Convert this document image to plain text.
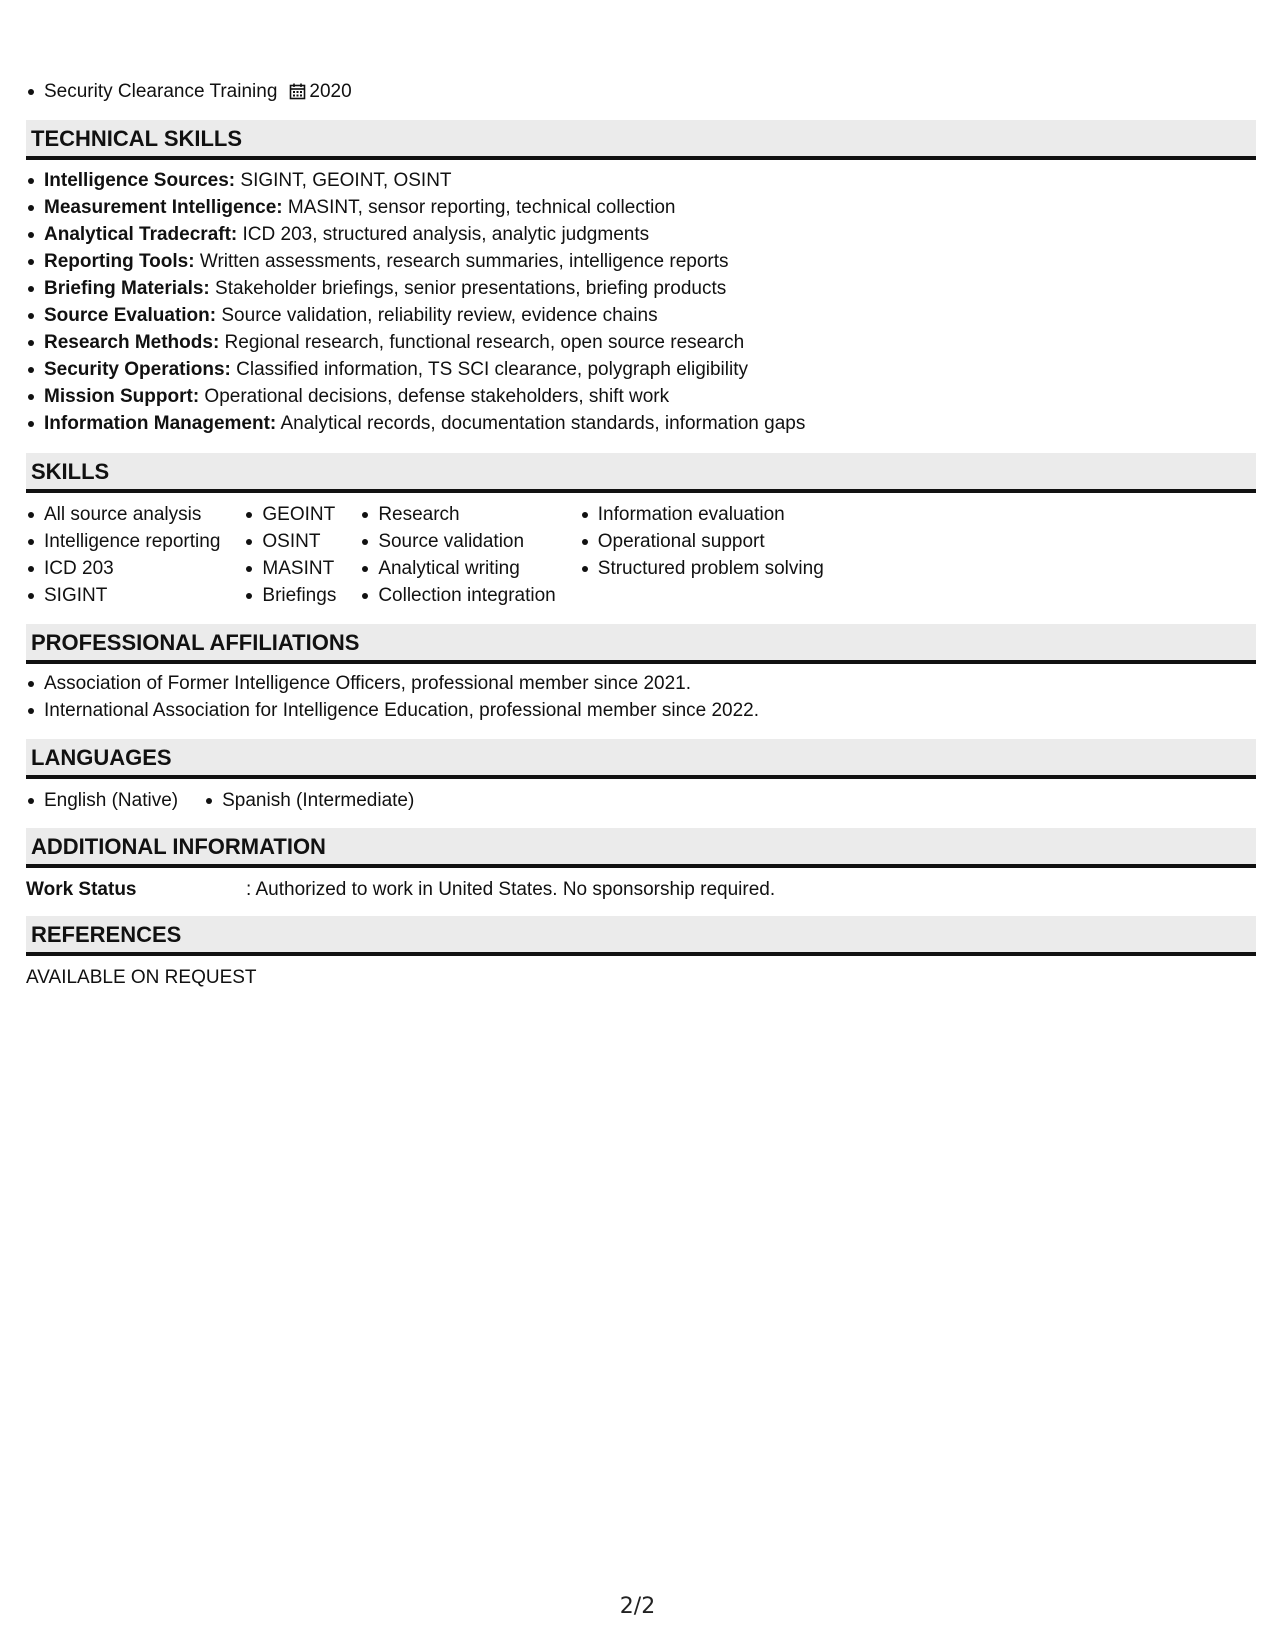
Security Clearance Training 2020
TECHNICAL SKILLS
Intelligence Sources: SIGINT, GEOINT, OSINT
Measurement Intelligence: MASINT, sensor reporting, technical collection
Analytical Tradecraft: ICD 203, structured analysis, analytic judgments
Reporting Tools: Written assessments, research summaries, intelligence reports
Briefing Materials: Stakeholder briefings, senior presentations, briefing products
Source Evaluation: Source validation, reliability review, evidence chains
Research Methods: Regional research, functional research, open source research
Security Operations: Classified information, TS SCI clearance, polygraph eligibility
Mission Support: Operational decisions, defense stakeholders, shift work
Information Management: Analytical records, documentation standards, information gaps
SKILLS
All source analysis
Intelligence reporting
ICD 203
SIGINT
GEOINT
OSINT
MASINT
Briefings
Research
Source validation
Analytical writing
Collection integration
Information evaluation
Operational support
Structured problem solving
PROFESSIONAL AFFILIATIONS
Association of Former Intelligence Officers, professional member since 2021.
International Association for Intelligence Education, professional member since 2022.
LANGUAGES
English (Native)	Spanish (Intermediate)
ADDITIONAL INFORMATION
Work Status	: Authorized to work in United States. No sponsorship required.
REFERENCES
AVAILABLE ON REQUEST
2/2
